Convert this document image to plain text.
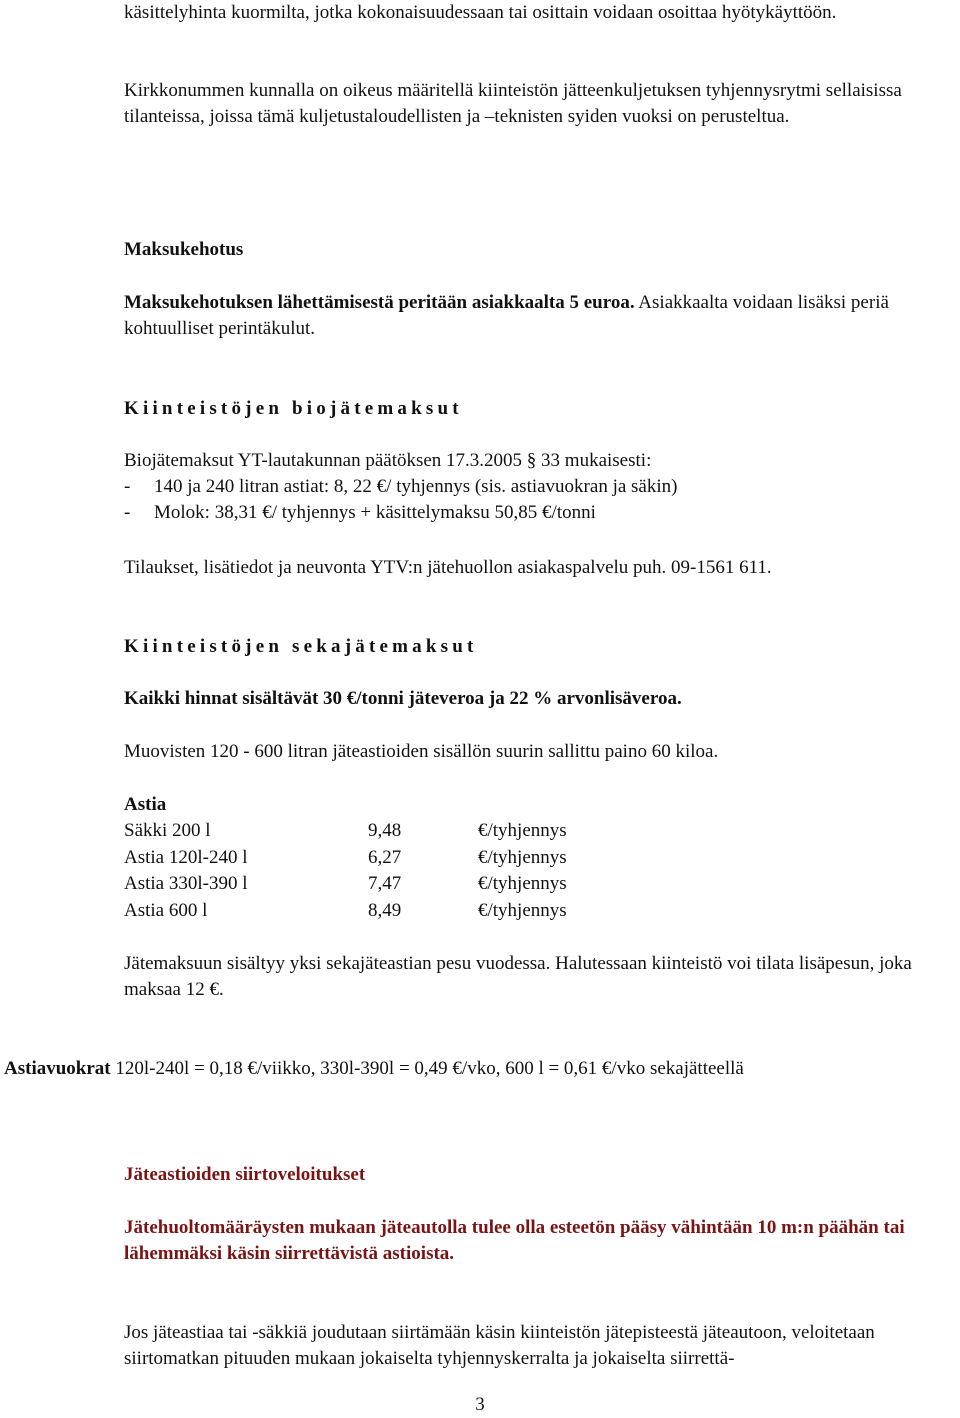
käsittelyhinta kuormilta, jotka kokonaisuudessaan tai osittain voidaan osoittaa hyötykäyttöön.

Kirkkonummen kunnalla on oikeus määritellä kiinteistön jätteenkuljetuksen tyhjennysrytmi sellaisissa tilanteissa, joissa tämä kuljetustaloudellisten ja –teknisten syiden vuoksi on perusteltua.

Maksukehotus

Maksukehotuksen lähettämisestä peritään asiakkaalta 5 euroa. Asiakkaalta voidaan lisäksi periä kohtuulliset perintäkulut.

Kiinteistöjen biojätemaksut

Biojätemaksut YT-lautakunnan päätöksen 17.3.2005 § 33 mukaisesti:

- 140 ja 240 litran astiat: 8, 22 €/ tyhjennys (sis. astiavuokran ja säkin)
- Molok: 38,31 €/ tyhjennys + käsittelymaksu 50,85 €/tonni

Tilaukset, lisätiedot ja neuvonta YTV:n jätehuollon asiakaspalvelu puh. 09-1561 611.

Kiinteistöjen sekajätemaksut

Kaikki hinnat sisältävät 30 €/tonni jäteveroa ja 22 % arvonlisäveroa.

Muovisten 120 - 600 litran jäteastioiden sisällön suurin sallittu paino 60 kiloa.

Astia

Säkki 200 l	9,48	€/tyhjennys
Astia 120l-240 l	6,27	€/tyhjennys
Astia 330l-390 l	7,47	€/tyhjennys
Astia 600 l	8,49	€/tyhjennys

Jätemaksuun sisältyy yksi sekajäteastian pesu vuodessa. Halutessaan kiinteistö voi tilata lisäpesun, joka maksaa 12 €.

Astiavuokrat 120l-240l = 0,18 €/viikko, 330l-390l = 0,49 €/vko, 600 l = 0,61 €/vko sekajätteellä

Jäteastioiden siirtoveloitukset

Jätehuoltomääräysten mukaan jäteautolla tulee olla esteetön pääsy vähintään 10 m:n päähän tai lähemmäksi käsin siirrettävistä astioista.

Jos jäteastiaa tai -säkkiä joudutaan siirtämään käsin kiinteistön jätepisteestä jäteautoon, veloitetaan siirtomatkan pituuden mukaan jokaiselta tyhjennyskerralta ja jokaiselta siirrettä-

3
